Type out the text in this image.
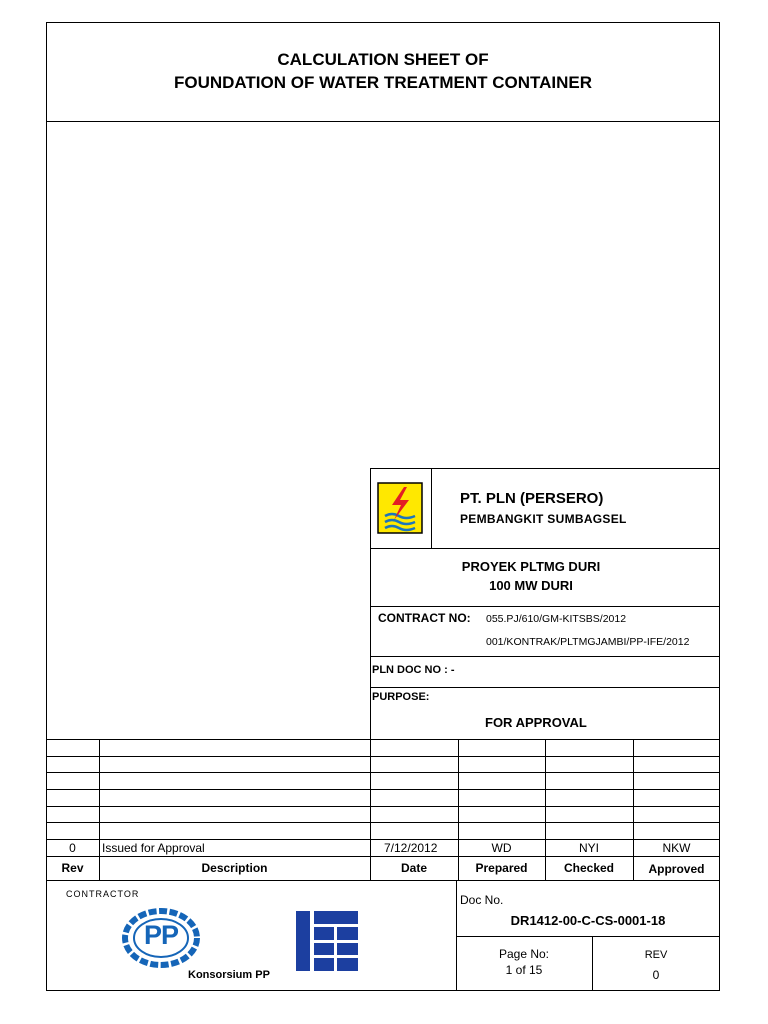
CALCULATION SHEET OF
FOUNDATION OF WATER TREATMENT CONTAINER
PT. PLN (PERSERO)
PEMBANGKIT SUMBAGSEL
PROYEK PLTMG DURI
100 MW DURI
CONTRACT NO: 055.PJ/610/GM-KITSBS/2012
001/KONTRAK/PLTMGJAMBI/PP-IFE/2012
PLN DOC NO : -
PURPOSE:
FOR APPROVAL
0	Issued for Approval	7/12/2012	WD	NYI	NKW
Rev	Description	Date	Prepared	Checked	Approved
CONTRACTOR
PP
Konsorsium PP
Doc No.
DR1412-00-C-CS-0001-18
Page No:
1 of 15
REV
0
